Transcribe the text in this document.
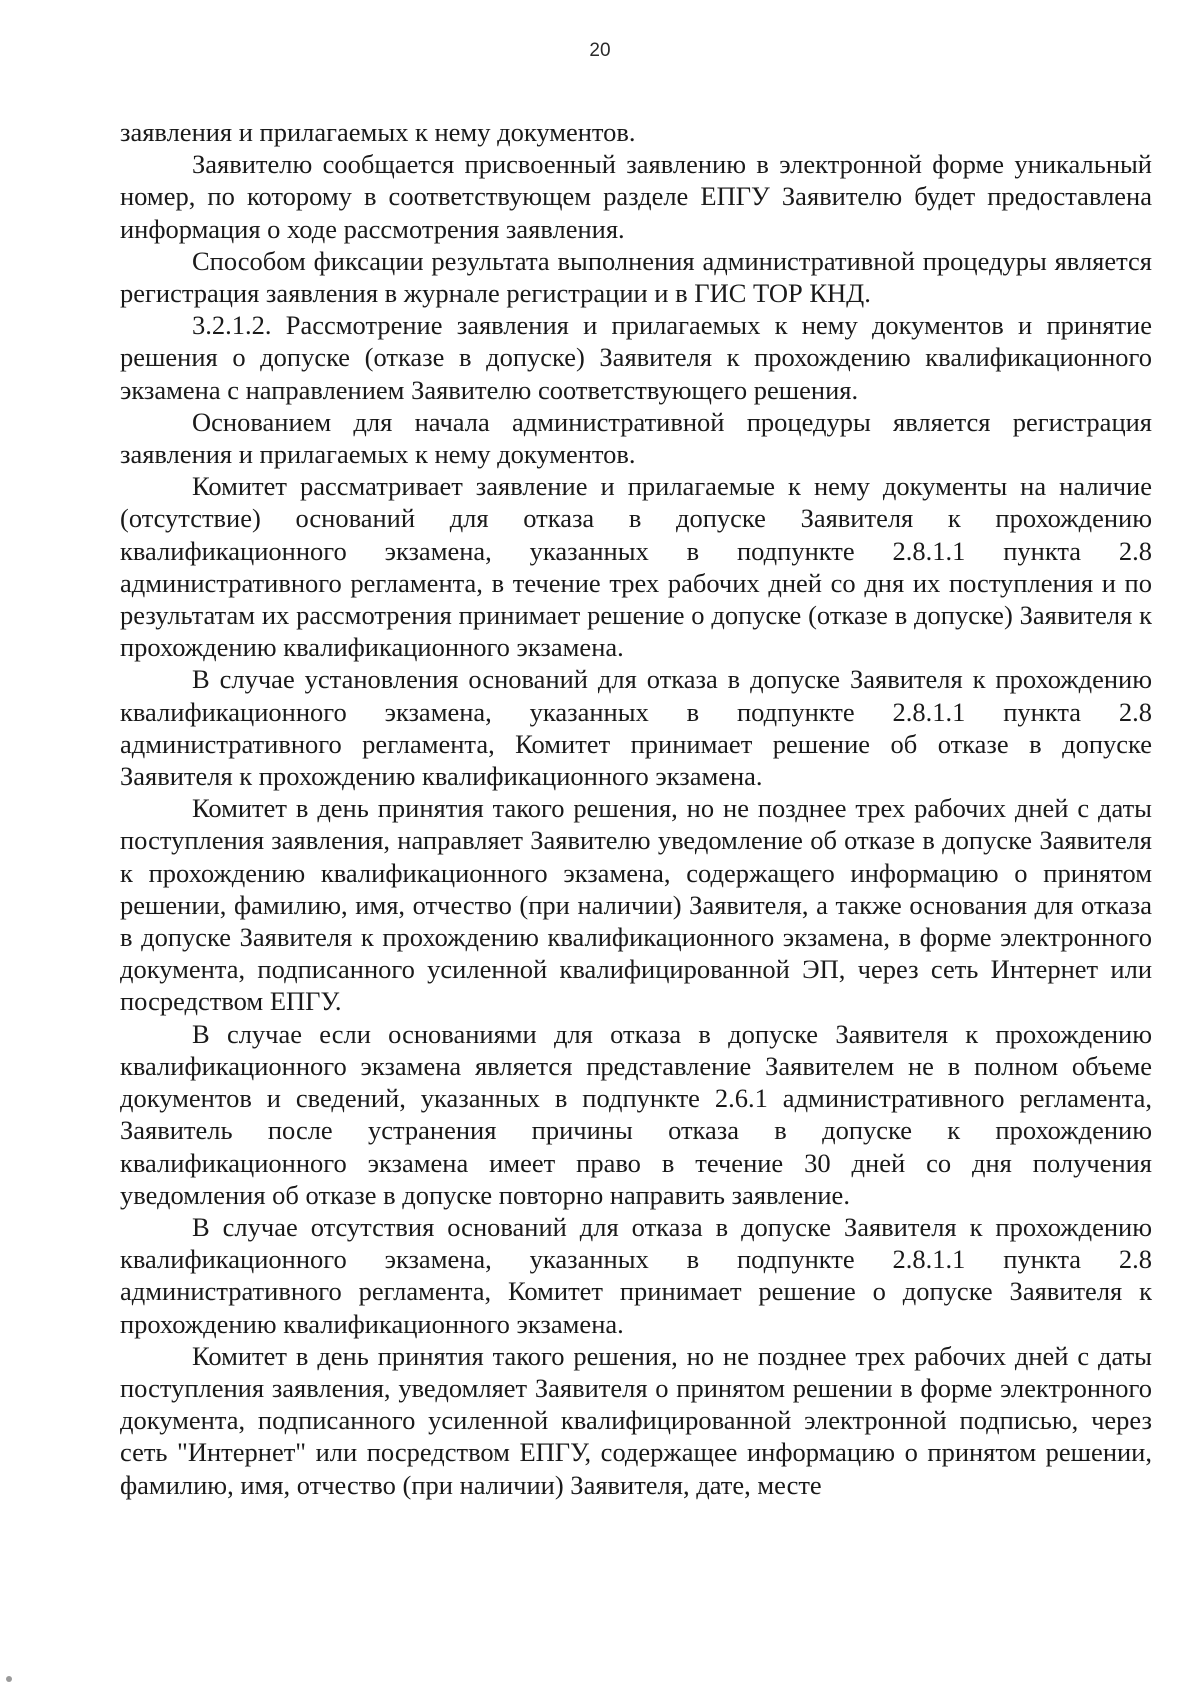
20

заявления и прилагаемых к нему документов.

Заявителю сообщается присвоенный заявлению в электронной форме уникальный номер, по которому в соответствующем разделе ЕПГУ Заявителю будет предоставлена информация о ходе рассмотрения заявления.

Способом фиксации результата выполнения административной процедуры является регистрация заявления в журнале регистрации и в ГИС ТОР КНД.

3.2.1.2. Рассмотрение заявления и прилагаемых к нему документов и принятие решения о допуске (отказе в допуске) Заявителя к прохождению квалификационного экзамена с направлением Заявителю соответствующего решения.

Основанием для начала административной процедуры является регистрация заявления и прилагаемых к нему документов.

Комитет рассматривает заявление и прилагаемые к нему документы на наличие (отсутствие) оснований для отказа в допуске Заявителя к прохождению квалификационного экзамена, указанных в подпункте 2.8.1.1 пункта 2.8 административного регламента, в течение трех рабочих дней со дня их поступления и по результатам их рассмотрения принимает решение о допуске (отказе в допуске) Заявителя к прохождению квалификационного экзамена.

В случае установления оснований для отказа в допуске Заявителя к прохождению квалификационного экзамена, указанных в подпункте 2.8.1.1 пункта 2.8 административного регламента, Комитет принимает решение об отказе в допуске Заявителя к прохождению квалификационного экзамена.

Комитет в день принятия такого решения, но не позднее трех рабочих дней с даты поступления заявления, направляет Заявителю уведомление об отказе в допуске Заявителя к прохождению квалификационного экзамена, содержащего информацию о принятом решении, фамилию, имя, отчество (при наличии) Заявителя, а также основания для отказа в допуске Заявителя к прохождению квалификационного экзамена, в форме электронного документа, подписанного усиленной квалифицированной ЭП, через сеть Интернет или посредством ЕПГУ.

В случае если основаниями для отказа в допуске Заявителя к прохождению квалификационного экзамена является представление Заявителем не в полном объеме документов и сведений, указанных в подпункте 2.6.1 административного регламента, Заявитель после устранения причины отказа в допуске к прохождению квалификационного экзамена имеет право в течение 30 дней со дня получения уведомления об отказе в допуске повторно направить заявление.

В случае отсутствия оснований для отказа в допуске Заявителя к прохождению квалификационного экзамена, указанных в подпункте 2.8.1.1 пункта 2.8 административного регламента, Комитет принимает решение о допуске Заявителя к прохождению квалификационного экзамена.

Комитет в день принятия такого решения, но не позднее трех рабочих дней с даты поступления заявления, уведомляет Заявителя о принятом решении в форме электронного документа, подписанного усиленной квалифицированной электронной подписью, через сеть "Интернет" или посредством ЕПГУ, содержащее информацию о принятом решении, фамилию, имя, отчество (при наличии) Заявителя, дате, месте
